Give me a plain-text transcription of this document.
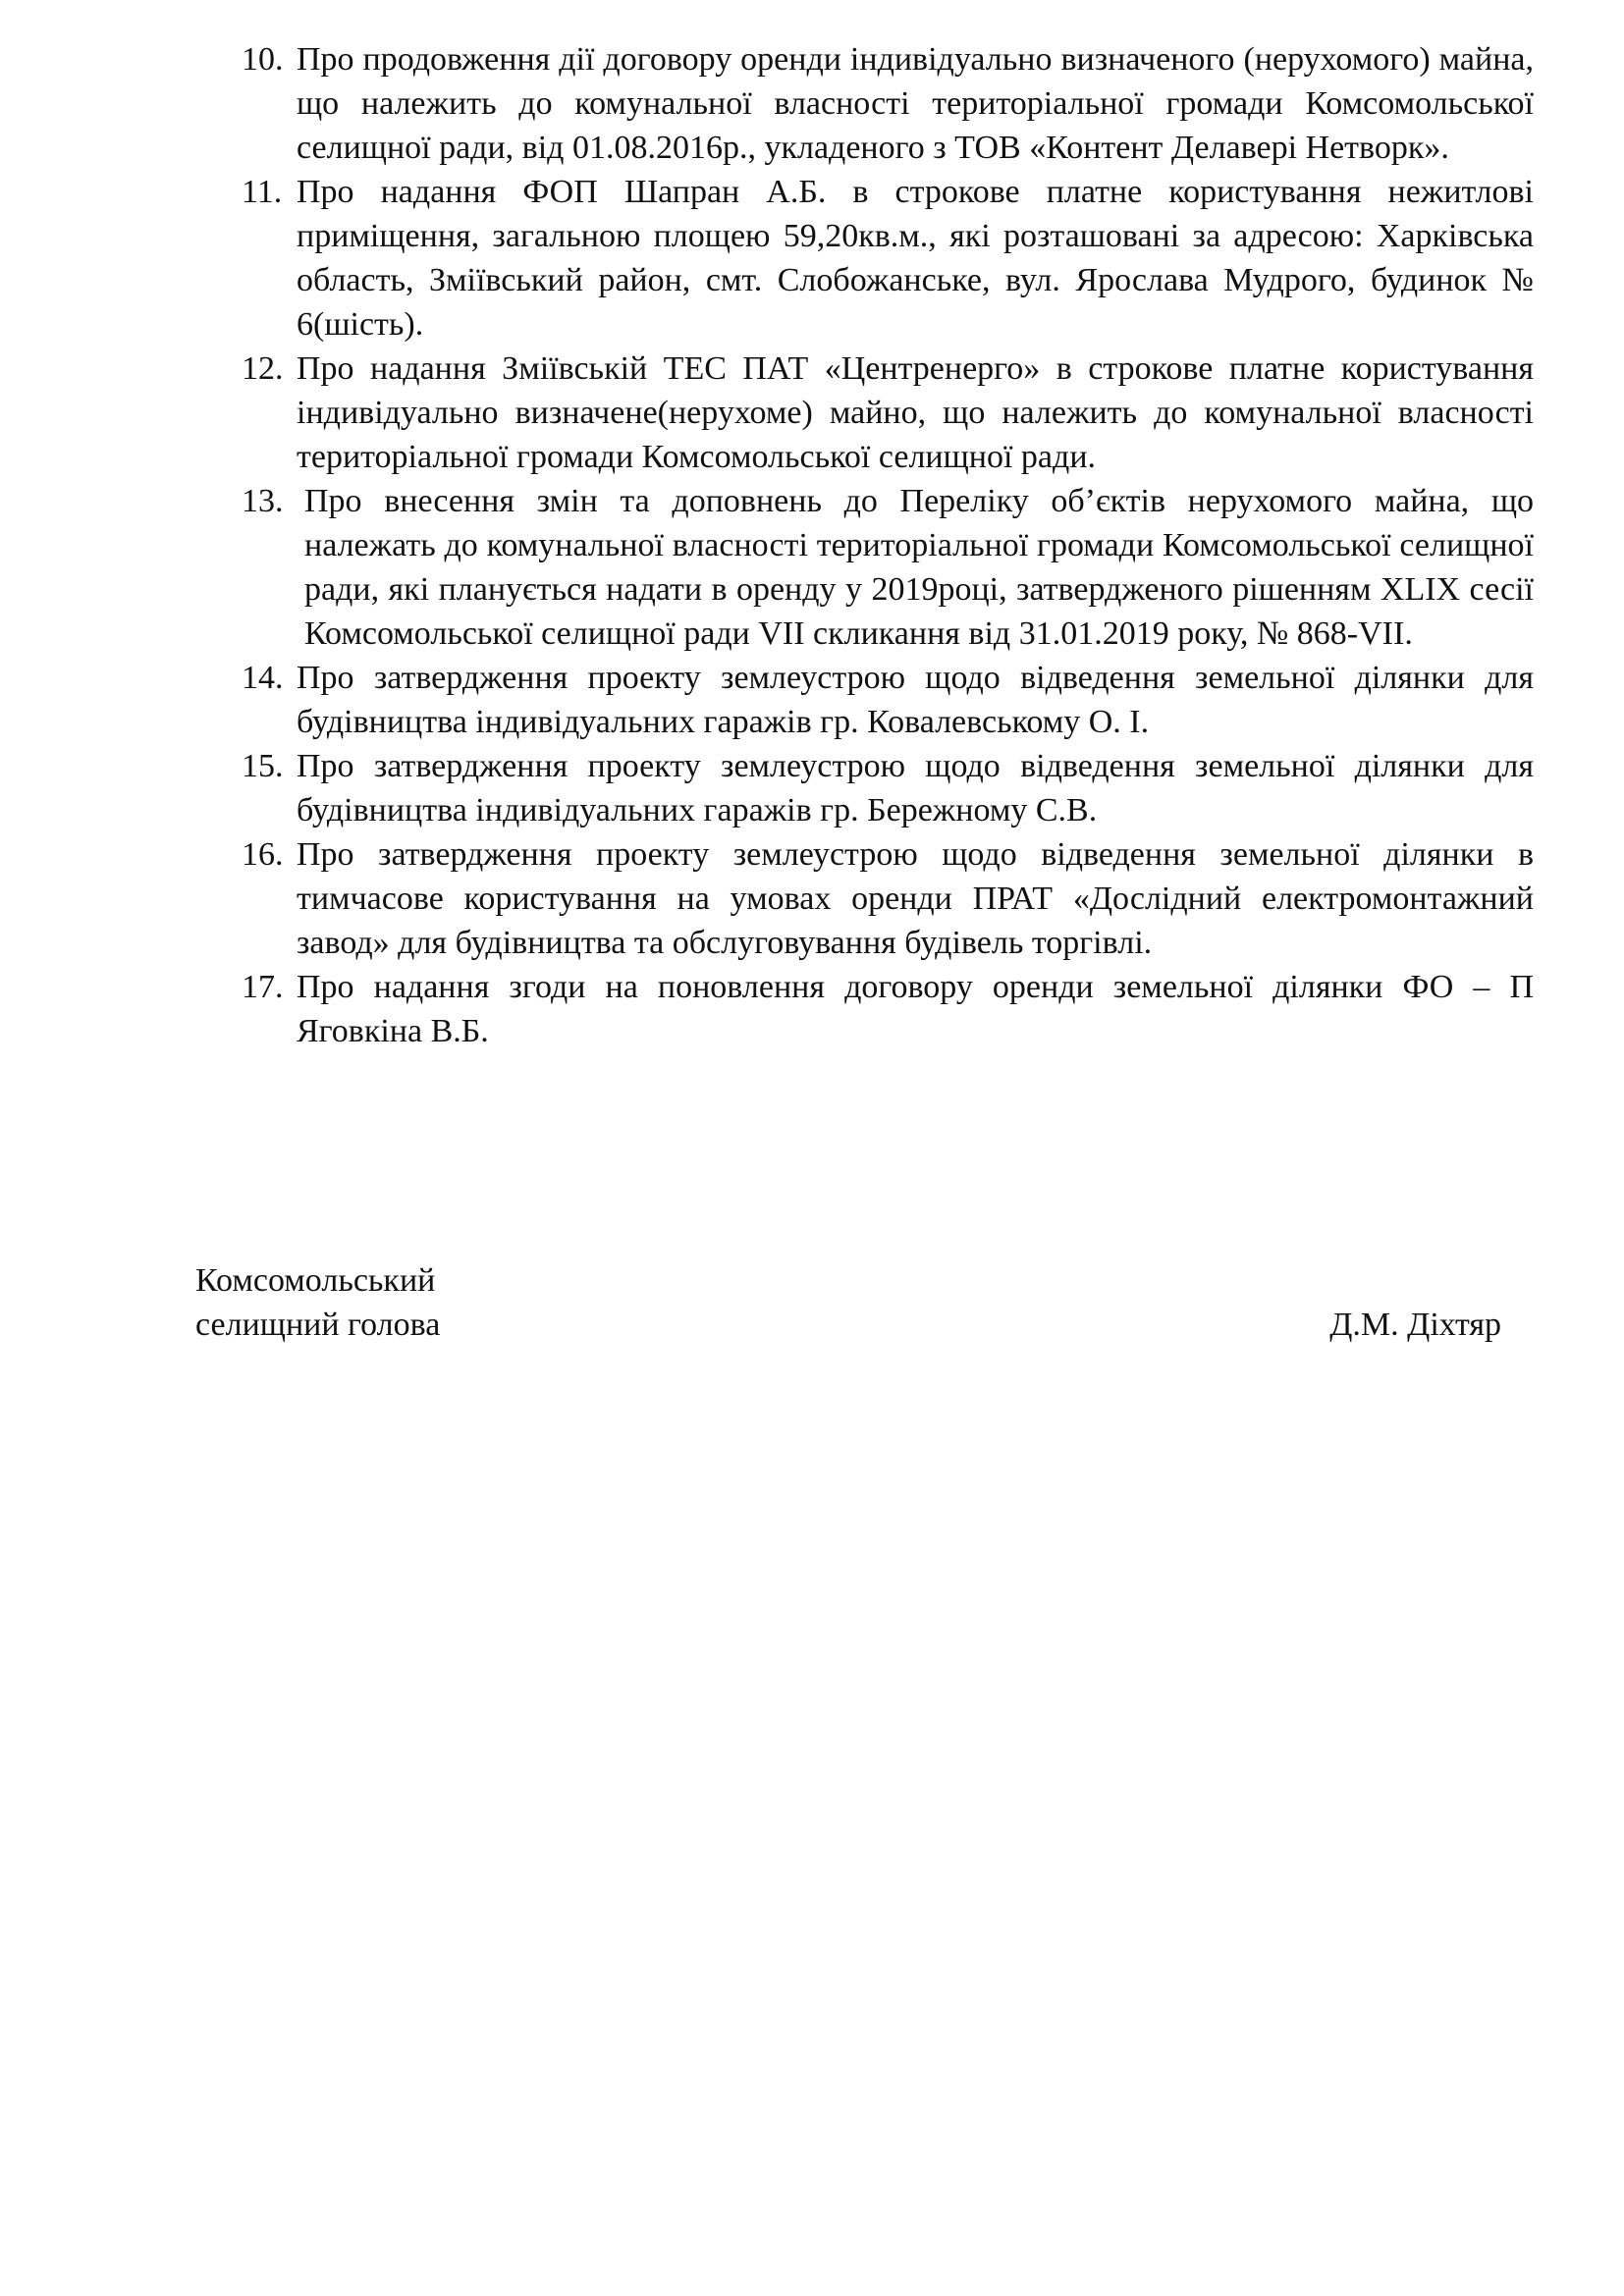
10. Про продовження дії договору оренди індивідуально визначеного (нерухомого) майна, що належить до комунальної власності територіальної громади Комсомольської селищної ради, від 01.08.2016р., укладеного з ТОВ «Контент Делавері Нетворк».
11. Про надання ФОП Шапран А.Б. в строкове платне користування нежитлові приміщення, загальною площею 59,20кв.м., які розташовані за адресою: Харківська область, Зміївський район, смт. Слобожанське, вул. Ярослава Мудрого, будинок № 6(шість).
12. Про надання Зміївській ТЕС ПАТ «Центренерго» в строкове платне користування індивідуально визначене(нерухоме) майно, що належить до комунальної власності територіальної громади Комсомольської селищної ради.
13. Про внесення змін та доповнень до Переліку об’єктів нерухомого майна, що належать до комунальної власності територіальної громади Комсомольської селищної ради, які планується надати в оренду у 2019році, затвердженого рішенням XLIX сесії Комсомольської селищної ради VII скликання від 31.01.2019 року, № 868-VII.
14. Про затвердження проекту землеустрою щодо відведення земельної ділянки для будівництва індивідуальних гаражів гр. Ковалевському О. І.
15. Про затвердження проекту землеустрою щодо відведення земельної ділянки для будівництва індивідуальних гаражів гр. Бережному С.В.
16. Про затвердження проекту землеустрою щодо відведення земельної ділянки в тимчасове користування на умовах оренди ПРАТ «Дослідний електромонтажний завод» для будівництва та обслуговування будівель торгівлі.
17. Про надання згоди на поновлення договору оренди земельної ділянки ФО – П Яговкіна В.Б.
Комсомольський
селищний голова	Д.М. Діхтяр
